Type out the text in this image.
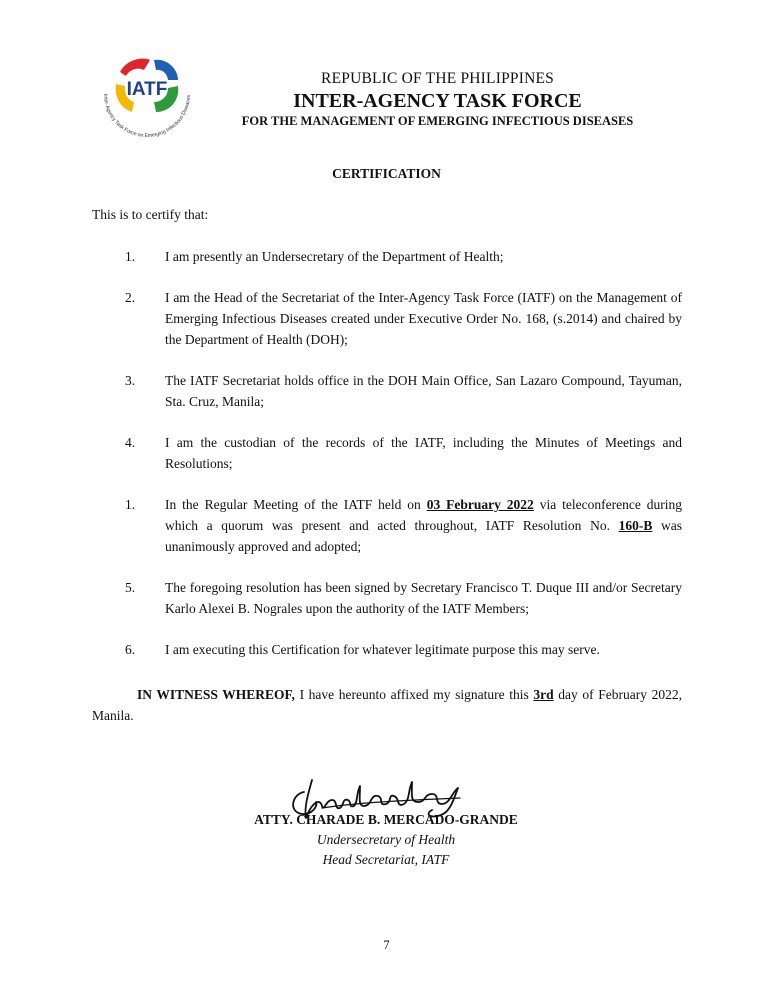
IATF
Inter-Agency Task Force on Emerging Infectious Diseases
REPUBLIC OF THE PHILIPPINES
INTER-AGENCY TASK FORCE
FOR THE MANAGEMENT OF EMERGING INFECTIOUS DISEASES
CERTIFICATION
This is to certify that:
1. I am presently an Undersecretary of the Department of Health;
2. I am the Head of the Secretariat of the Inter-Agency Task Force (IATF) on the Management of Emerging Infectious Diseases created under Executive Order No. 168, (s.2014) and chaired by the Department of Health (DOH);
3. The IATF Secretariat holds office in the DOH Main Office, San Lazaro Compound, Tayuman, Sta. Cruz, Manila;
4. I am the custodian of the records of the IATF, including the Minutes of Meetings and Resolutions;
1. In the Regular Meeting of the IATF held on 03 February 2022 via teleconference during which a quorum was present and acted throughout, IATF Resolution No. 160-B was unanimously approved and adopted;
5. The foregoing resolution has been signed by Secretary Francisco T. Duque III and/or Secretary Karlo Alexei B. Nograles upon the authority of the IATF Members;
6. I am executing this Certification for whatever legitimate purpose this may serve.
IN WITNESS WHEREOF, I have hereunto affixed my signature this 3rd day of February 2022, Manila.
ATTY. CHARADE B. MERCADO-GRANDE
Undersecretary of Health
Head Secretariat, IATF
7
